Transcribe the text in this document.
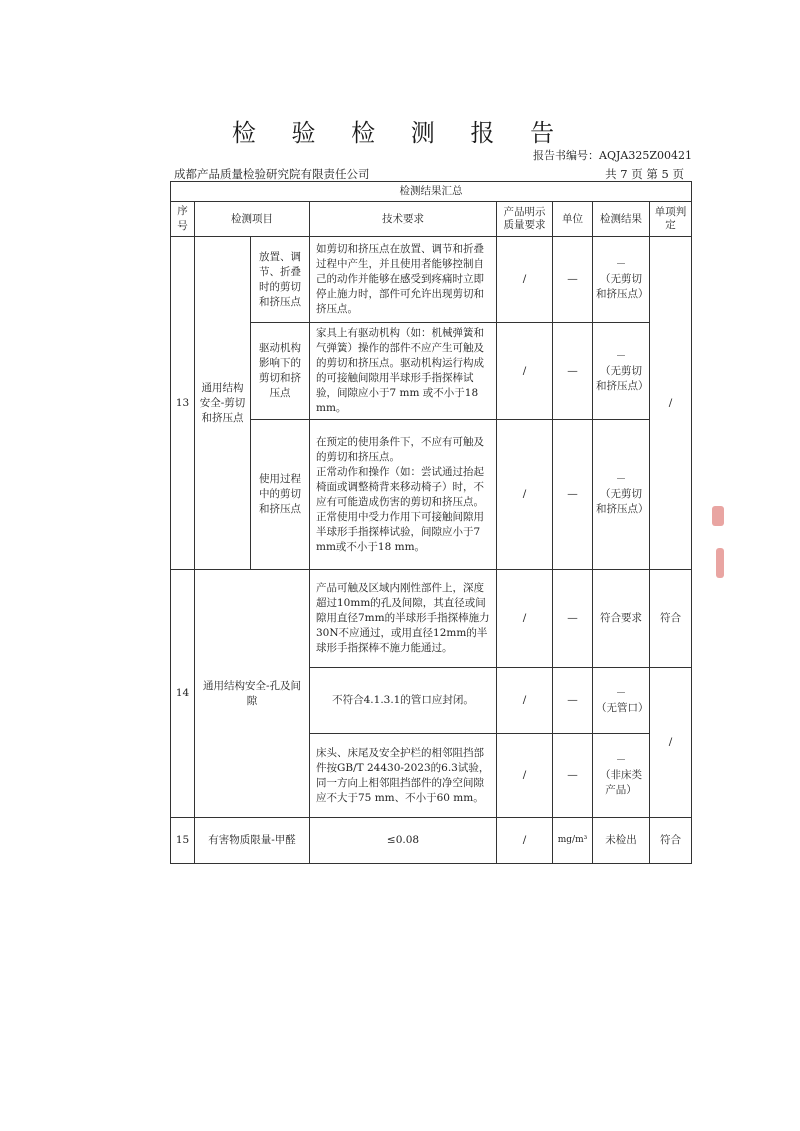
检 验 检 测 报 告
报告书编号：AQJA325Z00421
成都产品质量检验研究院有限责任公司	共 7 页 第 5 页
检测结果汇总							
序号	检测项目		技术要求	产品明示质量要求	单位	检测结果	单项判定
13	通用结构安全-剪切和挤压点	放置、调节、折叠时的剪切和挤压点	如剪切和挤压点在放置、调节和折叠过程中产生，并且使用者能够控制自己的动作并能够在感受到疼痛时立即停止施力时，部件可允许出现剪切和挤压点。	/	—	－
（无剪切和挤压点）	/
		驱动机构影响下的剪切和挤压点	家具上有驱动机构（如：机械弹簧和气弹簧）操作的部件不应产生可触及的剪切和挤压点。驱动机构运行构成的可接触间隙用半球形手指探棒试验，间隙应小于7 mm 或不小于18 mm。	/	—	－
（无剪切和挤压点）	
		使用过程中的剪切和挤压点	在预定的使用条件下，不应有可触及的剪切和挤压点。
正常动作和操作（如：尝试通过抬起椅面或调整椅背来移动椅子）时，不应有可能造成伤害的剪切和挤压点。
正常使用中受力作用下可接触间隙用半球形手指探棒试验，间隙应小于7 mm或不小于18 mm。	/	—	－
（无剪切和挤压点）	
14	通用结构安全-孔及间隙		产品可触及区域内刚性部件上，深度超过10mm的孔及间隙，其直径或间隙用直径7mm的半球形手指探棒施力30N不应通过，或用直径12mm的半球形手指探棒不施力能通过。	/	—	符合要求	符合
			不符合4.1.3.1的管口应封闭。	/	—	－
（无管口）	/
			床头、床尾及安全护栏的相邻阻挡部件按GB/T 24430-2023的6.3试验，同一方向上相邻阻挡部件的净空间隙应不大于75 mm、不小于60 mm。	/	—	－
（非床类产品）	
15	有害物质限量-甲醛		≤0.08	/	mg/m³	未检出	符合
